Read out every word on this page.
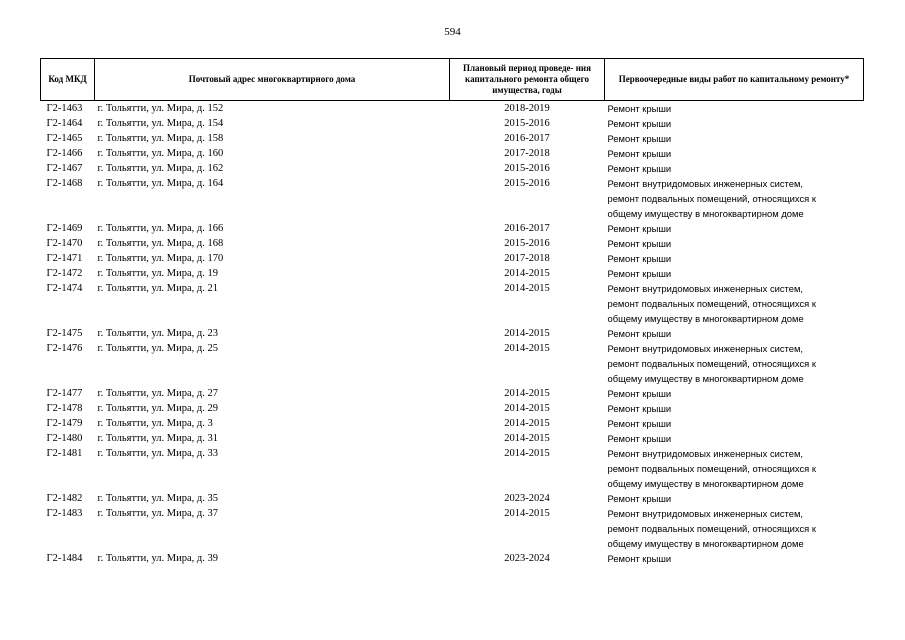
594
Код МКД	Почтовый адрес многоквартирного дома	Плановый период проведе- ния капитального ремонта общего имущества, годы	Первоочередные виды работ по капитальному ремонту*
Г2-1463	г. Тольятти, ул. Мира, д. 152	2018-2019	Ремонт крыши

Г2-1464	г. Тольятти, ул. Мира, д. 154	2015-2016	Ремонт крыши

Г2-1465	г. Тольятти, ул. Мира, д. 158	2016-2017	Ремонт крыши

Г2-1466	г. Тольятти, ул. Мира, д. 160	2017-2018	Ремонт крыши

Г2-1467	г. Тольятти, ул. Мира, д. 162	2015-2016	Ремонт крыши

Г2-1468	г. Тольятти, ул. Мира, д. 164	2015-2016	Ремонт внутридомовых инженерных систем,
ремонт подвальных помещений, относящихся к
общему имуществу в многоквартирном доме

Г2-1469	г. Тольятти, ул. Мира, д. 166	2016-2017	Ремонт крыши

Г2-1470	г. Тольятти, ул. Мира, д. 168	2015-2016	Ремонт крыши

Г2-1471	г. Тольятти, ул. Мира, д. 170	2017-2018	Ремонт крыши

Г2-1472	г. Тольятти, ул. Мира, д. 19	2014-2015	Ремонт крыши

Г2-1474	г. Тольятти, ул. Мира, д. 21	2014-2015	Ремонт внутридомовых инженерных систем,
ремонт подвальных помещений, относящихся к
общему имуществу в многоквартирном доме

Г2-1475	г. Тольятти, ул. Мира, д. 23	2014-2015	Ремонт крыши

Г2-1476	г. Тольятти, ул. Мира, д. 25	2014-2015	Ремонт внутридомовых инженерных систем,
ремонт подвальных помещений, относящихся к
общему имуществу в многоквартирном доме

Г2-1477	г. Тольятти, ул. Мира, д. 27	2014-2015	Ремонт крыши

Г2-1478	г. Тольятти, ул. Мира, д. 29	2014-2015	Ремонт крыши

Г2-1479	г. Тольятти, ул. Мира, д. 3	2014-2015	Ремонт крыши

Г2-1480	г. Тольятти, ул. Мира, д. 31	2014-2015	Ремонт крыши

Г2-1481	г. Тольятти, ул. Мира, д. 33	2014-2015	Ремонт внутридомовых инженерных систем,
ремонт подвальных помещений, относящихся к
общему имуществу в многоквартирном доме

Г2-1482	г. Тольятти, ул. Мира, д. 35	2023-2024	Ремонт крыши

Г2-1483	г. Тольятти, ул. Мира, д. 37	2014-2015	Ремонт внутридомовых инженерных систем,
ремонт подвальных помещений, относящихся к
общему имуществу в многоквартирном доме

Г2-1484	г. Тольятти, ул. Мира, д. 39	2023-2024	Ремонт крыши
